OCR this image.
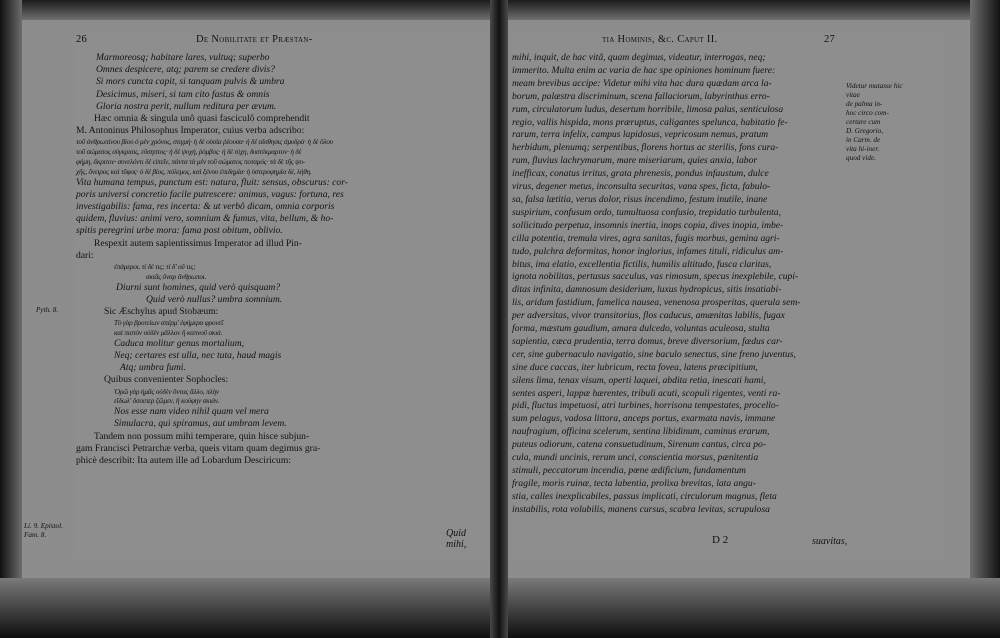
26	De Nobilitate et Præstan-
Marmoreosq; habitare lares, vultuq; superbo
Omnes despicere, atq; parem se credere divis?
Si mors cuncta capit, si tanquam pulvis & umbra
Desicimus, miseri, si tam cito fastus & omnis
Gloria nostra perit, nullum reditura per ævum.
Hæc omnia & singula unô quasi fasciculô comprehendit
M. Antoninus Philosophus Imperator, cuius verba adscribo:
τοῦ ἀνθρωπίνου βίου ὁ μὲν χρόνος, στιγμή· ἡ δὲ οὐσία ῥέουσα· ἡ δὲ αἴσθησις ἀμυδρά· ἡ δὲ ὅλου
τοῦ σώματος σύγκρισις, εὔσηπτος· ἡ δὲ ψυχή, ῥόμβος· ἡ δὲ τύχη, δυστέκμαρτον· ἡ δὲ
φήμη, ἄκριτον· συνελόντι δὲ εἰπεῖν, πάντα τὰ μὲν τοῦ σώματος ποταμός· τὰ δὲ τῆς ψυ-
χῆς, ὄνειρος καὶ τῦφος· ὁ δὲ βίος, πόλεμος, καὶ ξένου ἐπιδημία· ἡ ὑστεροφημία δὲ, λήθη.
Vita humana tempus, punctum est: natura, fluit: sensus, obscurus: cor-
poris universi concretio facile putrescere: animus, vagus: fortuna, res
investigabilis: fama, res incerta: & ut verbô dicam, omnia corporis
quidem, fluvius: animi vero, somnium & fumus, vita, bellum, & ho-
spitis peregrini urbe mora: fama post obitum, oblivio.
Respexit autem sapientissimus Imperator ad illud Pin-
dari:
ἐπάμεροι. τί δέ τις; τί δ' οὔ τις;
σκιᾶς ὄναρ ἄνθρωποι.
Diurni sunt homines, quid verò quisquam?
Quid verò nullus? umbra somnium.
Sic Æschylus apud Stobæum:
Τὸ γὰρ βροτείων σπέρμ' ἐφήμερα φρονεῖ
καὶ πιστὸν οὐδὲν μᾶλλον ἢ καπνοῦ σκιά.
Caduca molitur genus mortalium,
Neq; certares est ulla, nec tuta, haud magis
Atq; umbra fumi.
Quibus convenienter Sophocles:
Ὁρῶ γὰρ ἡμᾶς οὐδὲν ὄντας ἄλλο, πλὴν
εἴδωλ' ὅσοιπερ ζῶμεν, ἢ κούφην σκιάν.
Nos esse nam video nihil quam vel mera
Simulacra, qui spiramus, aut umbram levem.
Tandem non possum mihi temperare, quin hisce subjun-
gam Francisci Petrarchæ verba, queis vitam quam degimus gra-
phicè describit: Ita autem ille ad Lobardum Desciricum:
Quid mihi,
Pyth. 8.
Li. 9. Epistol. Fam. 8.
tia Hominis, &c. Caput II.	27
mihi, inquit, de hac vitâ, quam degimus, videatur, interrogas, neq;
immerito. Multa enim ac varia de hac spe opiniones hominum fuere:
meam brevibus accipe: Videtur mihi vita hac dura quædam arca la-
borum, palæstra discriminum, scena fallaciorum, labyrinthus erro-
rum, circulatorum ludus, desertum horribile, limosa palus, senticulosa
regio, vallis hispida, mons præruptus, caligantes spelunca, habitatio fe-
rarum, terra infelix, campus lapidosus, vepricosum nemus, pratum
herbidum, plenumq; serpentibus, florens hortus ac sterilis, fons cura-
rum, fluvius lachrymarum, mare miseriarum, quies anxia, labor
inefficax, conatus irritus, grata phrenesis, pondus infaustum, dulce
virus, degener metus, inconsulta securitas, vana spes, ficta, fabulo-
sa, falsa lætitia, verus dolor, risus incendimo, festum inutile, inane
suspirium, confusum ordo, tumultuosa confusio, trepidatio turbulenta,
sollicitudo perpetua, insomnis inertia, inops copia, dives inopia, imbe-
cilla potentia, tremula vires, agra sanitas, fugis morbus, gemina agri-
tudo, pulchra deformitas, honor inglorius, infames tituli, ridiculus am-
bitus, ima elatio, excellentia fictilis, humilis altitudo, fusca claritas,
ignota nobilitas, pertusus sacculus, vas rimosum, specus inexplebile, cupi-
ditas infinita, damnosum desiderium, luxus hydropicus, sitis insatiabi-
lis, aridum fastidium, famelica nausea, venenosa prosperitas, querula sem-
per adversitas, vivor transitorius, flos caducus, amænitas labilis, fugax
forma, mæstum gaudium, amara dulcedo, voluntas aculeosa, stulta
sapientia, cæca prudentia, terra domus, breve diversorium, fædus car-
cer, sine gubernaculo navigatio, sine baculo senectus, sine freno juventus,
sine duce caccas, iter lubricum, recta fovea, latens præcipitium,
silens lima, tenax visum, operti laquei, abdita retia, inescati hami,
sentes asperi, lappæ hærentes, tribuli acuti, scopuli rigentes, venti ra-
pidi, fluctus impetuosi, atri turbines, horrisona tempestates, procello-
sum pelagus, vadosa littora, anceps portus, exarmata navis, immane
naufragium, officina scelerum, sentina libidinum, caminus erarum,
puteus odiorum, catena consuetudinum, Sirenum cantus, circa po-
cula, mundi uncinis, rerum unci, conscientia morsus, pænitentia
stimuli, peccatorum incendia, pœne ædificium, fundamentum
fragile, moris ruinæ, tecta labentia, prolixa brevitas, lata angu-
stia, calles inexplicabiles, passus implicati, circulorum magnus, fleta
instabilis, rota volubilis, manens cursus, scabra levitas, scrupulosa
D 2	suavitas,
Videtur mutasse hic vitae
de palma in-
hoc circo com-
certare cum
D. Gregorio,
in Carm. de
vita hi-iner.
quod vide.
